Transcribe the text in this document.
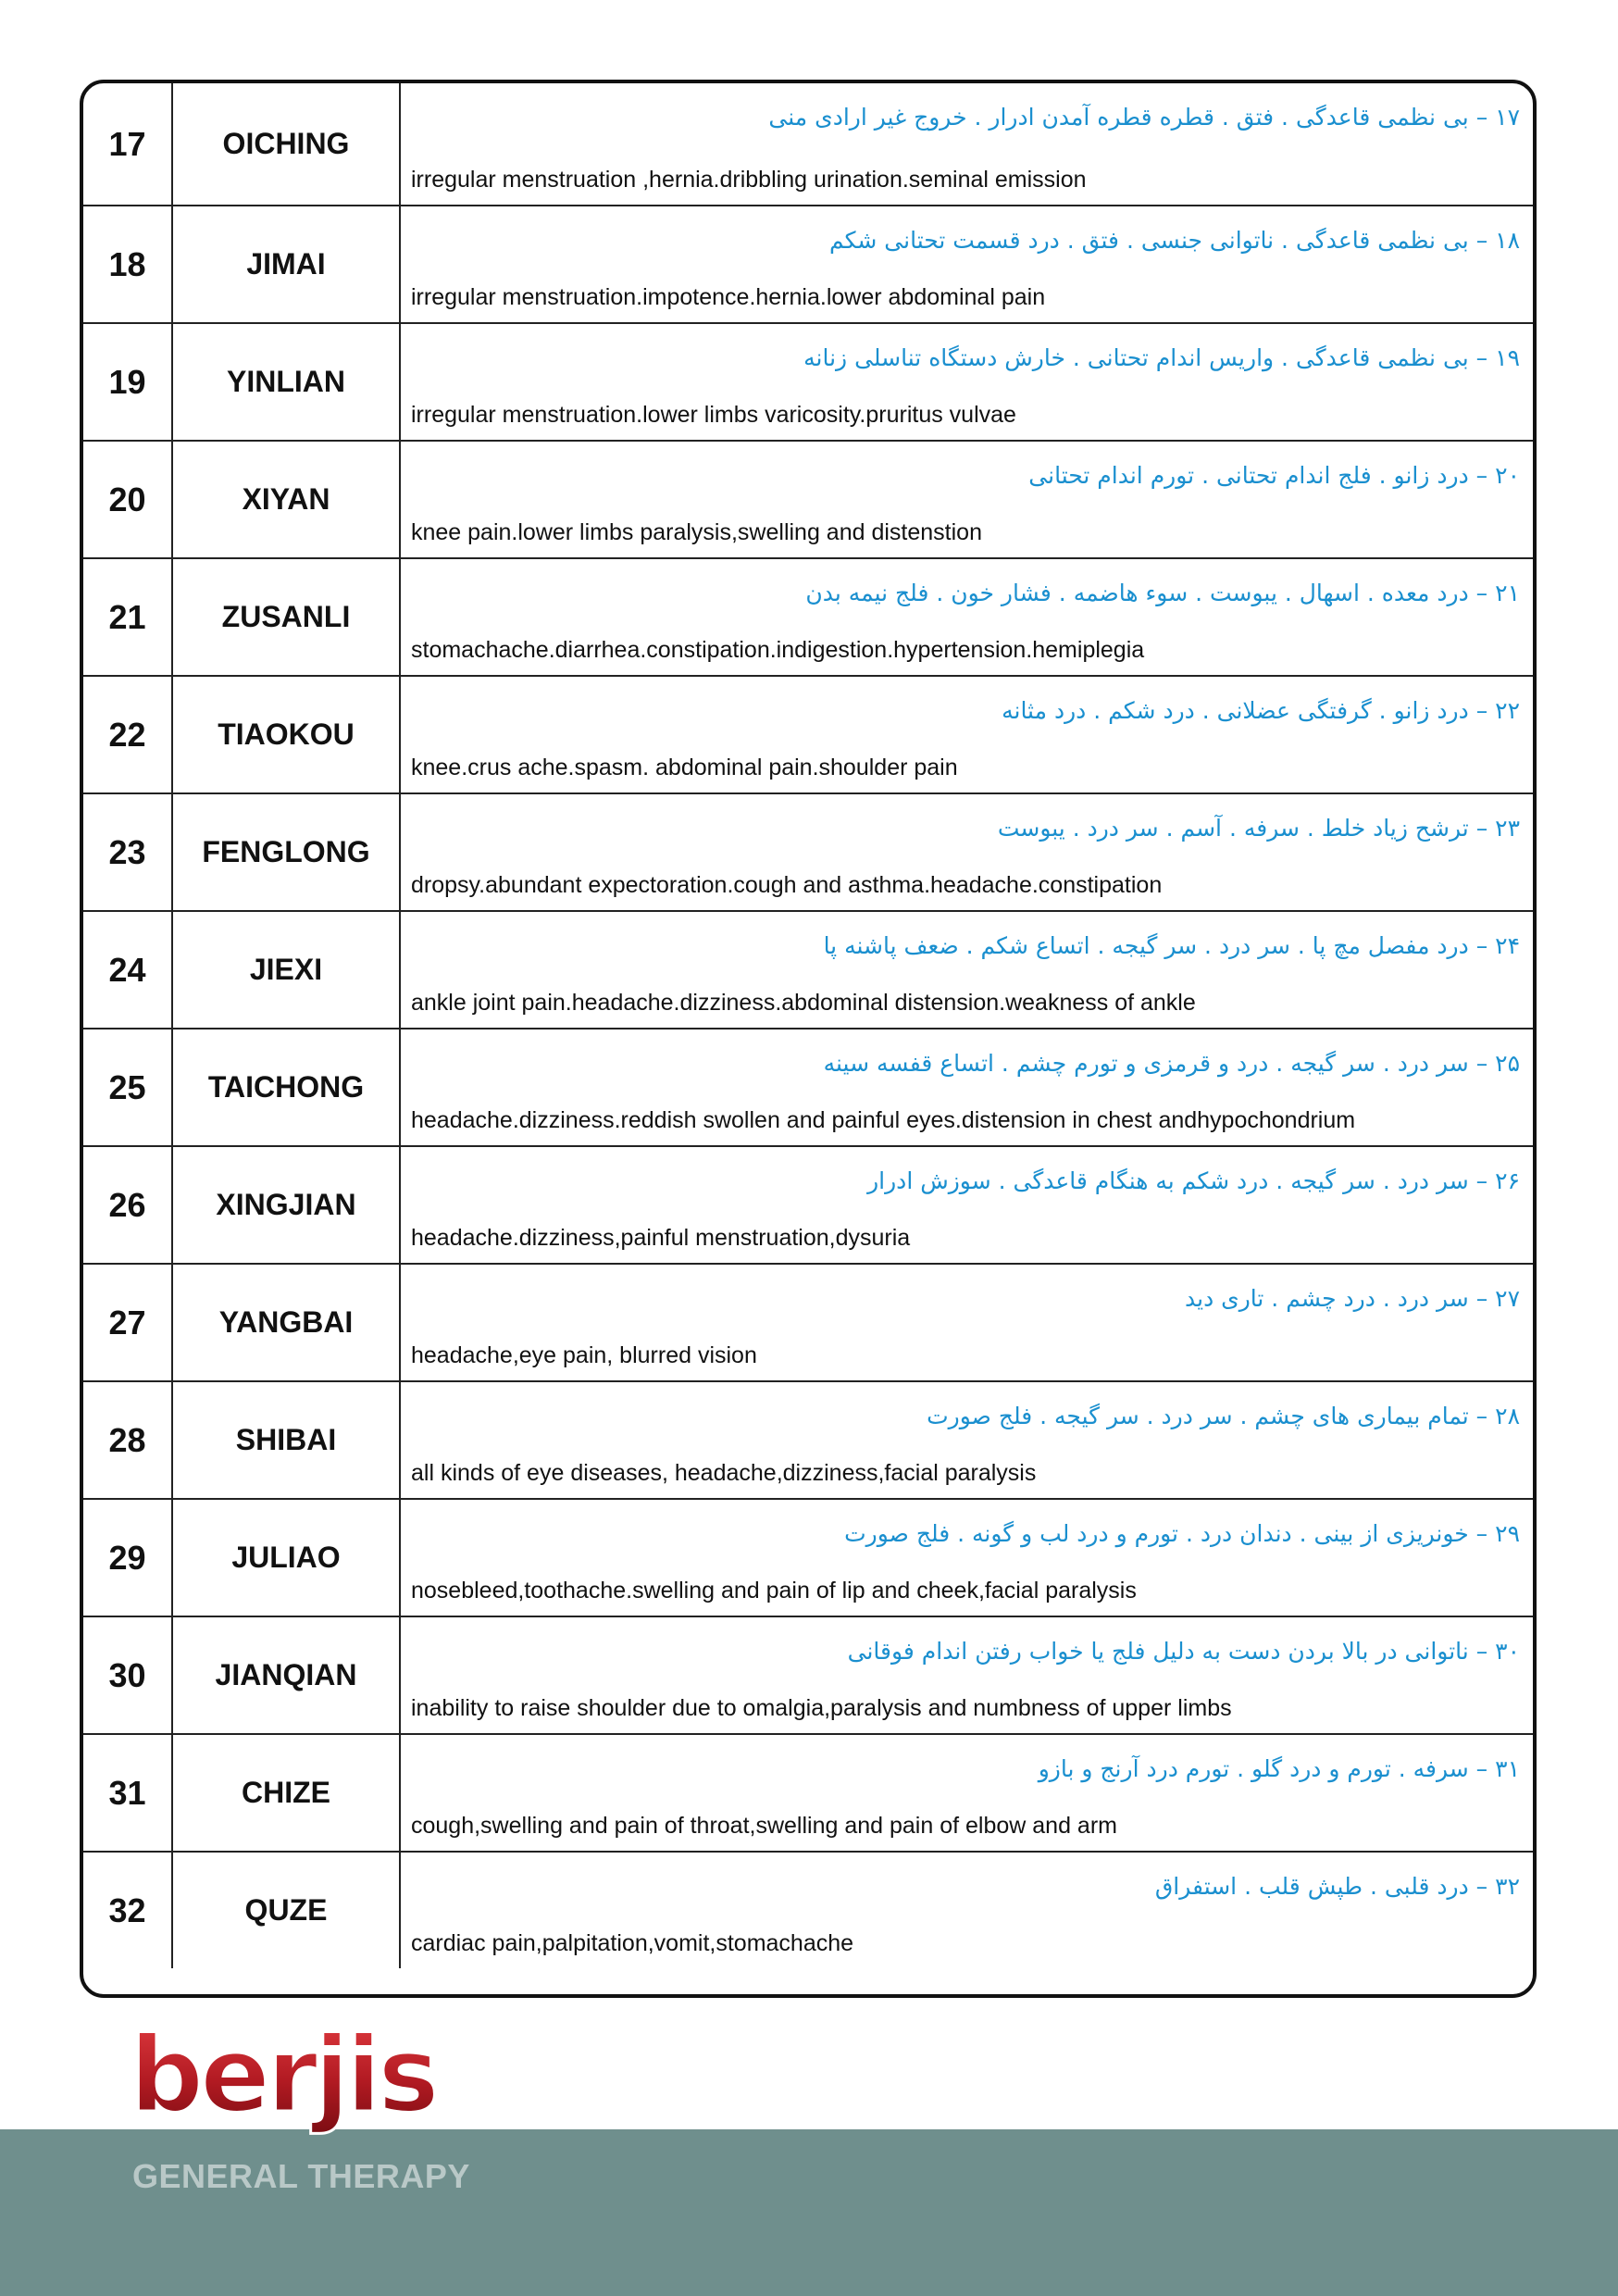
17	OICHING
۱۷ – بی نظمی قاعدگی . فتق . قطره قطره آمدن ادرار . خروج غیر ارادی منی
irregular menstruation ,hernia.dribbling urination.seminal emission
18	JIMAI
۱۸ – بی نظمی قاعدگی . ناتوانی جنسی . فتق . درد قسمت تحتانی شکم
irregular menstruation.impotence.hernia.lower abdominal pain
19	YINLIAN
۱۹ – بی نظمی قاعدگی . واریس اندام تحتانی . خارش دستگاه تناسلی زنانه
irregular menstruation.lower limbs varicosity.pruritus vulvae
20	XIYAN
۲۰ – درد زانو . فلج اندام تحتانی . تورم اندام تحتانی
knee pain.lower limbs paralysis,swelling and distenstion
21	ZUSANLI
۲۱ – درد معده . اسهال . یبوست . سوء هاضمه . فشار خون . فلج نیمه بدن
stomachache.diarrhea.constipation.indigestion.hypertension.hemiplegia
22	TIAOKOU
۲۲ – درد زانو . گرفتگی عضلانی . درد شکم . درد مثانه
knee.crus ache.spasm. abdominal pain.shoulder pain
23	FENGLONG
۲۳ – ترشح زیاد خلط . سرفه . آسم . سر درد . یبوست
dropsy.abundant expectoration.cough and asthma.headache.constipation
24	JIEXI
۲۴ – درد مفصل مچ پا . سر درد . سر گیجه . اتساع شکم . ضعف پاشنه پا
ankle joint pain.headache.dizziness.abdominal distension.weakness of ankle
25	TAICHONG
۲۵ – سر درد . سر گیجه . درد و قرمزی و تورم چشم . اتساع قفسه سینه
headache.dizziness.reddish swollen and painful eyes.distension in chest andhypochondrium
26	XINGJIAN
۲۶ – سر درد . سر گیجه . درد شکم به هنگام قاعدگی . سوزش ادرار
headache.dizziness,painful menstruation,dysuria
27	YANGBAI
۲۷ – سر درد . درد چشم . تاری دید
headache,eye pain, blurred vision
28	SHIBAI
۲۸ – تمام بیماری های چشم . سر درد . سر گیجه . فلج صورت
all kinds of eye diseases, headache,dizziness,facial paralysis
29	JULIAO
۲۹ – خونریزی از بینی . دندان درد . تورم و درد لب و گونه . فلج صورت
nosebleed,toothache.swelling and pain of lip and cheek,facial paralysis
30	JIANQIAN
۳۰ – ناتوانی در بالا بردن دست به دلیل فلج یا خواب رفتن اندام فوقانی
inability to raise shoulder due to omalgia,paralysis and numbness of upper limbs
31	CHIZE
۳۱ – سرفه . تورم و درد گلو . تورم درد آرنج و بازو
cough,swelling and pain of throat,swelling and pain of elbow and arm
32	QUZE
۳۲ – درد قلبی . طپش قلب . استفراق
cardiac pain,palpitation,vomit,stomachache
berjis
GENERAL THERAPY
